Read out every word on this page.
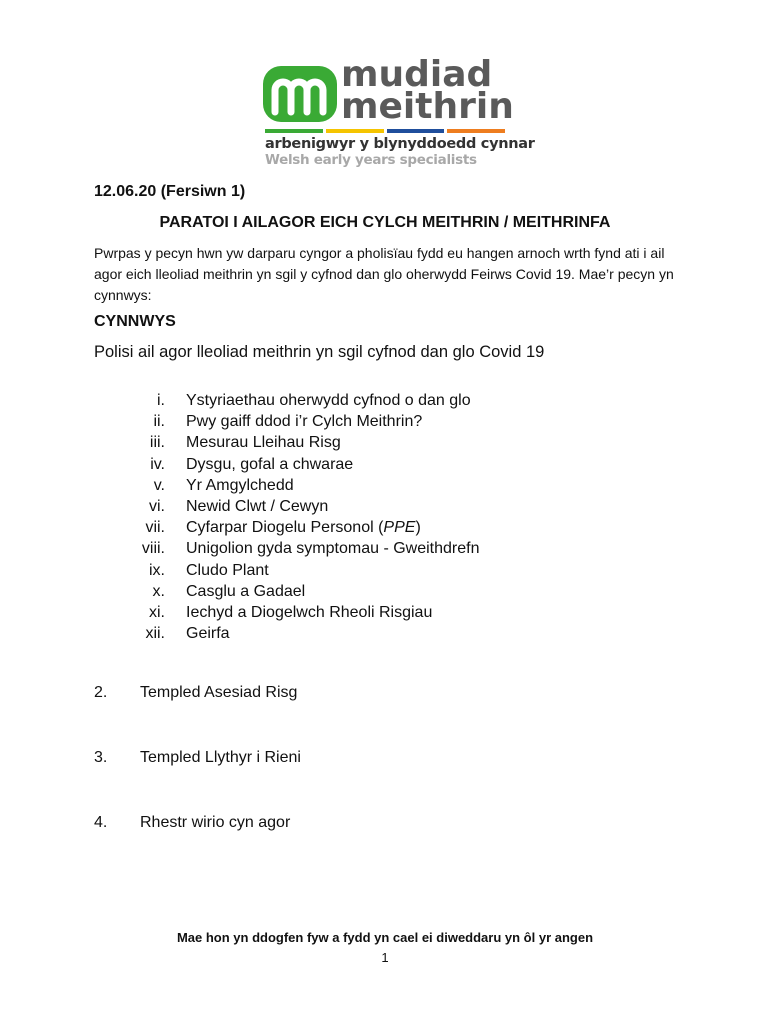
mudiad
meithrin
arbenigwyr y blynyddoedd cynnar
Welsh early years specialists
12.06.20 (Fersiwn 1)
PARATOI I AILAGOR EICH CYLCH MEITHRIN / MEITHRINFA
Pwrpas y pecyn hwn yw darparu cyngor a pholisïau fydd eu hangen arnoch wrth fynd ati i ail agor eich lleoliad meithrin yn sgil y cyfnod dan glo oherwydd Feirws Covid 19. Mae’r pecyn yn cynnwys:
CYNNWYS
Polisi ail agor lleoliad meithrin yn sgil cyfnod dan glo Covid 19
i. Ystyriaethau oherwydd cyfnod o dan glo
ii. Pwy gaiff ddod i’r Cylch Meithrin?
iii. Mesurau Lleihau Risg
iv. Dysgu, gofal a chwarae
v. Yr Amgylchedd
vi. Newid Clwt / Cewyn
vii. Cyfarpar Diogelu Personol (PPE)
viii. Unigolion gyda symptomau - Gweithdrefn
ix. Cludo Plant
x. Casglu a Gadael
xi. Iechyd a Diogelwch Rheoli Risgiau
xii. Geirfa
2. Templed Asesiad Risg
3. Templed Llythyr i Rieni
4. Rhestr wirio cyn agor
Mae hon yn ddogfen fyw a fydd yn cael ei diweddaru yn ôl yr angen
1
